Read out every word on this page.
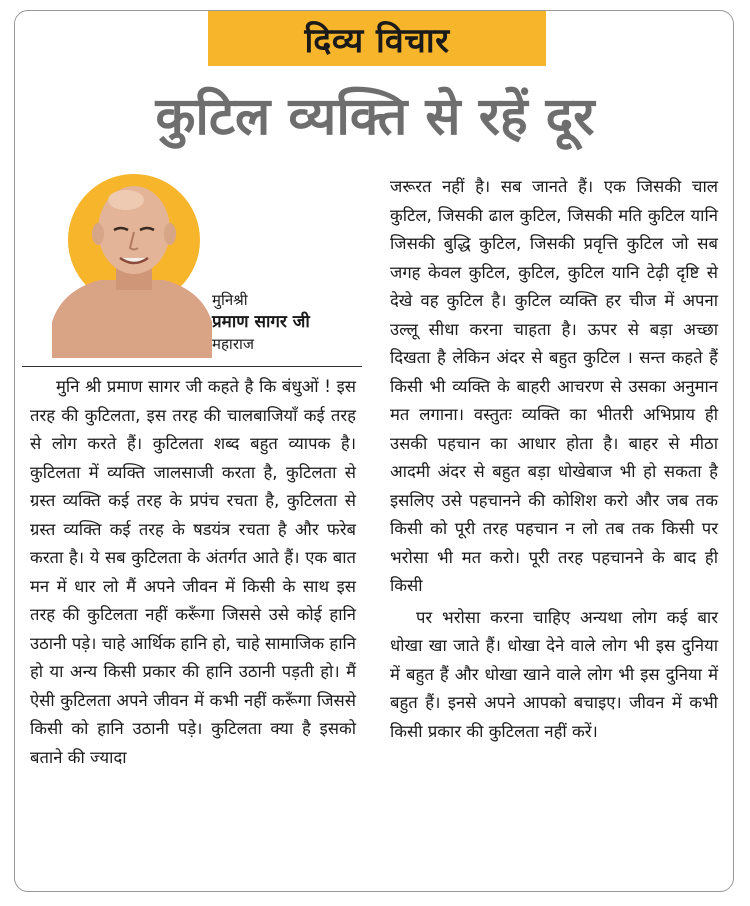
दिव्य विचार
कुटिल व्यक्ति से रहें दूर
मुनिश्री
प्रमाण सागर जी
महाराज

मुनि श्री प्रमाण सागर जी कहते है कि बंधुओं ! इस तरह की कुटिलता, इस तरह की चालबाजियाँ कई तरह से लोग करते हैं। कुटिलता शब्द बहुत व्यापक है। कुटिलता में व्यक्ति जालसाजी करता है, कुटिलता से ग्रस्त व्यक्ति कई तरह के प्रपंच रचता है, कुटिलता से ग्रस्त व्यक्ति कई तरह के षडयंत्र रचता है और फरेब करता है। ये सब कुटिलता के अंतर्गत आते हैं। एक बात मन में धार लो मैं अपने जीवन में किसी के साथ इस तरह की कुटिलता नहीं करूँगा जिससे उसे कोई हानि उठानी पड़े। चाहे आर्थिक हानि हो, चाहे सामाजिक हानि हो या अन्य किसी प्रकार की हानि उठानी पड़ती हो। मैं ऐसी कुटिलता अपने जीवन में कभी नहीं करूँगा जिससे किसी को हानि उठानी पड़े। कुटिलता क्या है इसको बताने की ज्यादा

जरूरत नहीं है। सब जानते हैं। एक जिसकी चाल कुटिल, जिसकी ढाल कुटिल, जिसकी मति कुटिल यानि जिसकी बुद्धि कुटिल, जिसकी प्रवृत्ति कुटिल जो सब जगह केवल कुटिल, कुटिल, कुटिल यानि टेढ़ी दृष्टि से देखे वह कुटिल है। कुटिल व्यक्ति हर चीज में अपना उल्लू सीधा करना चाहता है। ऊपर से बड़ा अच्छा दिखता है लेकिन अंदर से बहुत कुटिल । सन्त कहते हैं किसी भी व्यक्ति के बाहरी आचरण से उसका अनुमान मत लगाना। वस्तुतः व्यक्ति का भीतरी अभिप्राय ही उसकी पहचान का आधार होता है। बाहर से मीठा आदमी अंदर से बहुत बड़ा धोखेबाज भी हो सकता है इसलिए उसे पहचानने की कोशिश करो और जब तक किसी को पूरी तरह पहचान न लो तब तक किसी पर भरोसा भी मत करो। पूरी तरह पहचानने के बाद ही किसी

पर भरोसा करना चाहिए अन्यथा लोग कई बार धोखा खा जाते हैं। धोखा देने वाले लोग भी इस दुनिया में बहुत हैं और धोखा खाने वाले लोग भी इस दुनिया में बहुत हैं। इनसे अपने आपको बचाइए। जीवन में कभी किसी प्रकार की कुटिलता नहीं करें।
